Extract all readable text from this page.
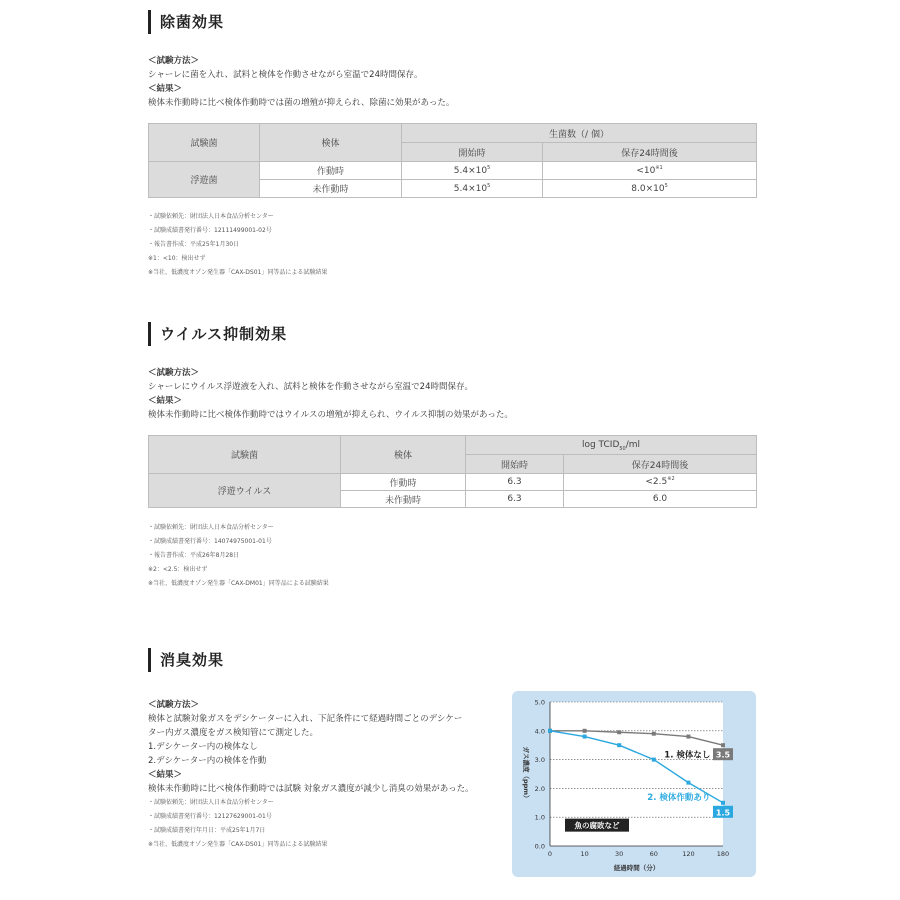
除菌効果
＜試験方法＞
シャーレに菌を入れ、試料と検体を作動させながら室温で24時間保存。
＜結果＞
検体未作動時に比べ検体作動時では菌の増殖が抑えられ、除菌に効果があった。
試験菌	検体	生菌数（/ 個）	
		開始時	保存24時間後
浮遊菌	作動時	$5.4\times 10^5$	$<10^{※1}$
	未作動時	$5.4\times 10^5$	$8.0\times 10^5$
・試験依頼先：財団法人日本食品分析センター
・試験成績書発行番号：12111499001-02号
・報告書作成：平成25年1月30日
※1：<10：検出せず
※当社、低濃度オゾン発生器「CAX-DS01」同等品による試験結果
ウイルス抑制効果
＜試験方法＞
シャーレにウイルス浮遊液を入れ、試料と検体を作動させながら室温で24時間保存。
＜結果＞
検体未作動時に比べ検体作動時ではウイルスの増殖が抑えられ、ウイルス抑制の効果があった。
試験菌	検体	$\log TCID_{50}/ml$	
		開始時	保存24時間後
浮遊ウイルス	作動時	6.3	$<2.5^{※2}$
	未作動時	6.3	6.0
・試験依頼先：財団法人日本食品分析センター
・試験成績書発行番号：14074975001-01号
・報告書作成：平成26年8月28日
※2：<2.5：検出せず
※当社、低濃度オゾン発生器「CAX-DM01」同等品による試験結果
消臭効果
＜試験方法＞
検体と試験対象ガスをデシケーターに入れ、下記条件にて経過時間ごとのデシケー
ター内ガス濃度をガス検知管にて測定した。
1.デシケーター内の検体なし
2.デシケーター内の検体を作動
＜結果＞
検体未作動時に比べ検体作動時では試験 対象ガス濃度が減少し消臭の効果があった。
・試験依頼先：財団法人日本食品分析センター
・試験成績書発行番号：12127629001-01号
・試験成績書発行年月日：平成25年1月7日
※当社、低濃度オゾン発生器「CAX-DS01」同等品による試験結果	0.0
1.0
2.0
3.0
4.0
5.0
0	10	30	60	120	180
経過時間（分）
ガス濃度（ppm）	3.5
1.5
1. 検体なし
2. 検体作動あり
魚の腐敗など
